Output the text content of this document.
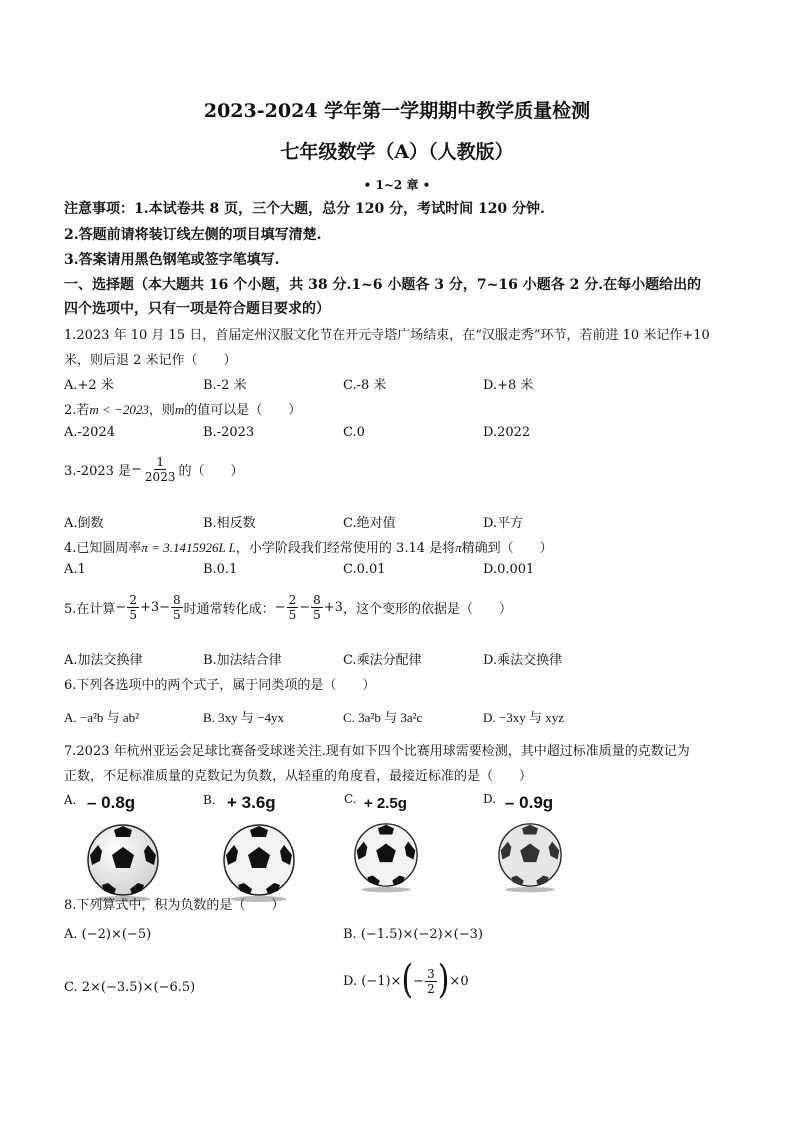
2023-2024 学年第一学期期中教学质量检测
七年级数学（A）（人教版）
• 1~2 章 •
注意事项：1.本试卷共 8 页，三个大题，总分 120 分，考试时间 120 分钟.
2.答题前请将装订线左侧的项目填写清楚.
3.答案请用黑色钢笔或签字笔填写.
一、选择题（本大题共 16 个小题，共 38 分.1~6 小题各 3 分，7~16 小题各 2 分.在每小题给出的
四个选项中，只有一项是符合题目要求的）
1.2023 年 10 月 15 日，首届定州汉服文化节在开元寺塔广场结束，在“汉服走秀”环节，若前进 10 米记作+10
米，则后退 2 米记作（　　）
A.+2 米	B.-2 米	C.-8 米	D.+8 米
2.若m < −2023，则m的值可以是（　　）
A.-2024	B.-2023	C.0	D.2022
3.-2023 是 − $\frac{1}{2023}$ 的（　　）
A.倒数	B.相反数	C.绝对值	D.平方
4.已知圆周率π = 3.1415926L L，小学阶段我们经常使用的 3.14 是将π精确到（　　）
A.1	B.0.1	C.0.01	D.0.001
5.在计算 − $\frac{2}{5} +3- \frac{8}{5}$ 时通常转化成： − $\frac{2}{5} - \frac{8}{5} +3$ ，这个变形的依据是（　　）
A.加法交换律	B.加法结合律	C.乘法分配律	D.乘法交换律
6.下列各选项中的两个式子，属于同类项的是（　　）
A. −a²b 与 ab²	B. 3xy 与 −4yx	C. 3a²b 与 3a²c	D. −3xy 与 xyz
7.2023 年杭州亚运会足球比赛备受球迷关注.现有如下四个比赛用球需要检测，其中超过标准质量的克数记为
正数，不足标准质量的克数记为负数，从轻重的角度看，最接近标准的是（　　）
A. – 0.8g	B. + 3.6g	C. + 2.5g	D. – 0.9g
8.下列算式中，积为负数的是（　　）
A. (−2)×(−5)	B. (−1.5)×(−2)×(−3)
C. 2×(−3.5)×(−6.5)	D. (−1)× ( − $\frac{3}{2}$ ) ×0
